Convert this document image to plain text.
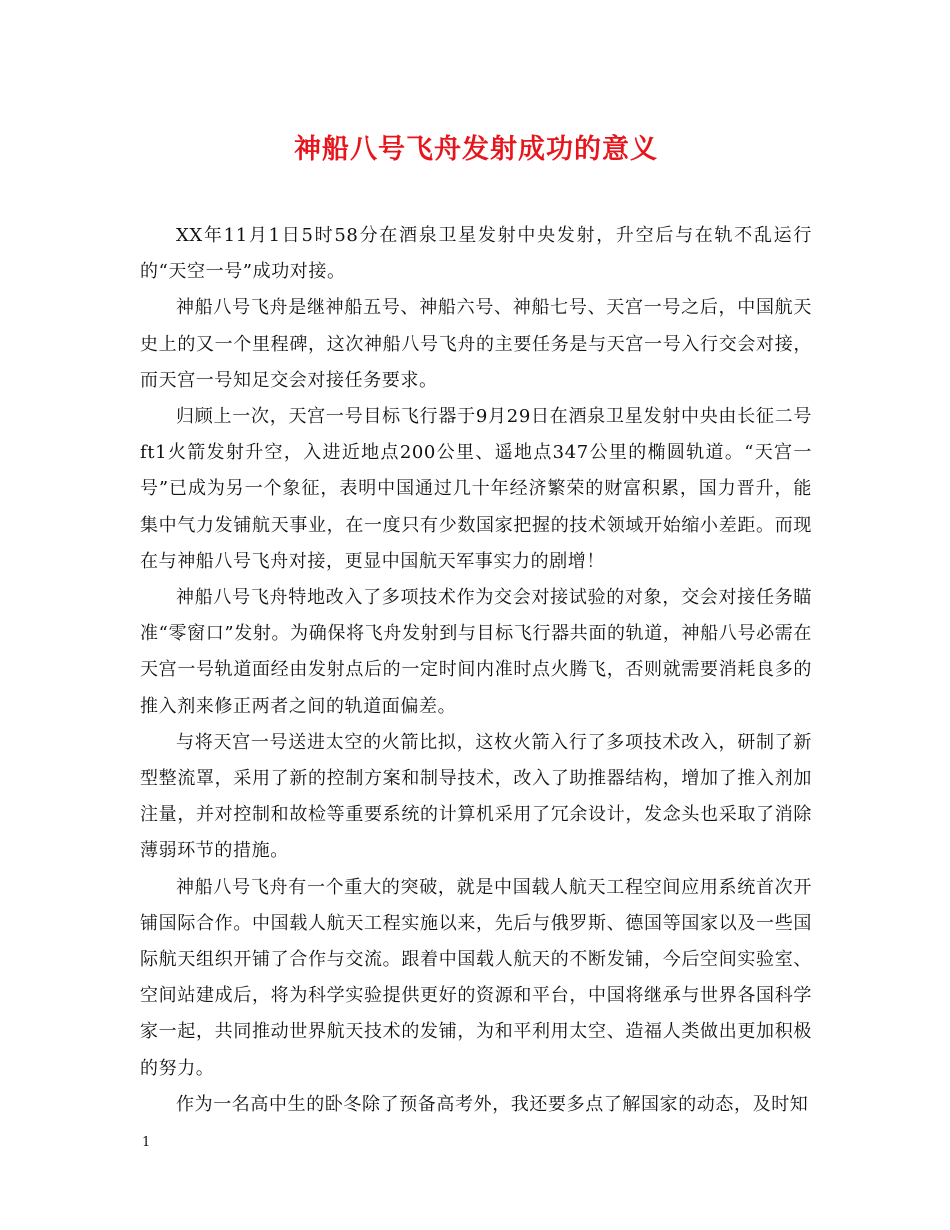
神船八号飞舟发射成功的意义

XX年11月1日5时58分在酒泉卫星发射中央发射，升空后与在轨不乱运行的“天空一号”成功对接。

神船八号飞舟是继神船五号、神船六号、神船七号、天宫一号之后，中国航天史上的又一个里程碑，这次神船八号飞舟的主要任务是与天宫一号入行交会对接，而天宫一号知足交会对接任务要求。

归顾上一次，天宫一号目标飞行器于9月29日在酒泉卫星发射中央由长征二号ft1火箭发射升空，入进近地点200公里、遥地点347公里的椭圆轨道。“天宫一号”已成为另一个象征，表明中国通过几十年经济繁荣的财富积累，国力晋升，能集中气力发铺航天事业，在一度只有少数国家把握的技术领域开始缩小差距。而现在与神船八号飞舟对接，更显中国航天军事实力的剧增！

神船八号飞舟特地改入了多项技术作为交会对接试验的对象，交会对接任务瞄准“零窗口”发射。为确保将飞舟发射到与目标飞行器共面的轨道，神船八号必需在天宫一号轨道面经由发射点后的一定时间内准时点火腾飞，否则就需要消耗良多的推入剂来修正两者之间的轨道面偏差。

与将天宫一号送进太空的火箭比拟，这枚火箭入行了多项技术改入，研制了新型整流罩，采用了新的控制方案和制导技术，改入了助推器结构，增加了推入剂加注量，并对控制和故检等重要系统的计算机采用了冗余设计，发念头也采取了消除薄弱环节的措施。

神船八号飞舟有一个重大的突破，就是中国载人航天工程空间应用系统首次开铺国际合作。中国载人航天工程实施以来，先后与俄罗斯、德国等国家以及一些国际航天组织开铺了合作与交流。跟着中国载人航天的不断发铺，今后空间实验室、空间站建成后，将为科学实验提供更好的资源和平台，中国将继承与世界各国科学家一起，共同推动世界航天技术的发铺，为和平利用太空、造福人类做出更加积极的努力。

作为一名高中生的卧冬除了预备高考外，我还要多点了解国家的动态，及时知

1
